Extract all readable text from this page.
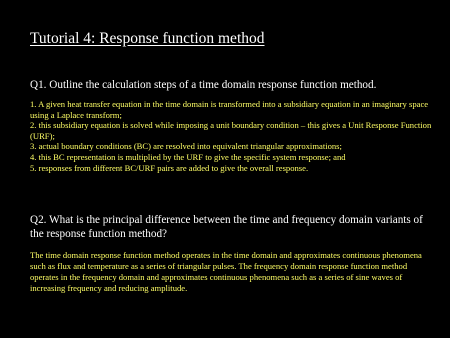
Tutorial 4: Response function method
Q1. Outline the calculation steps of a time domain response function method.
1. A given heat transfer equation in the time domain is transformed into a subsidiary equation in an imaginary space using a Laplace transform;
2. this subsidiary equation is solved while imposing a unit boundary condition – this gives a Unit Response Function (URF);
3. actual boundary conditions (BC) are resolved into equivalent triangular approximations;
4. this BC representation is multiplied by the URF to give the specific system response; and
5. responses from different BC/URF pairs are added to give the overall response.
Q2. What is the principal difference between the time and frequency domain variants of the response function method?

The time domain response function method operates in the time domain and approximates continuous phenomena such as flux and temperature as a series of triangular pulses. The frequency domain response function method operates in the frequency domain and approximates continuous phenomena such as a series of sine waves of increasing frequency and reducing amplitude.
